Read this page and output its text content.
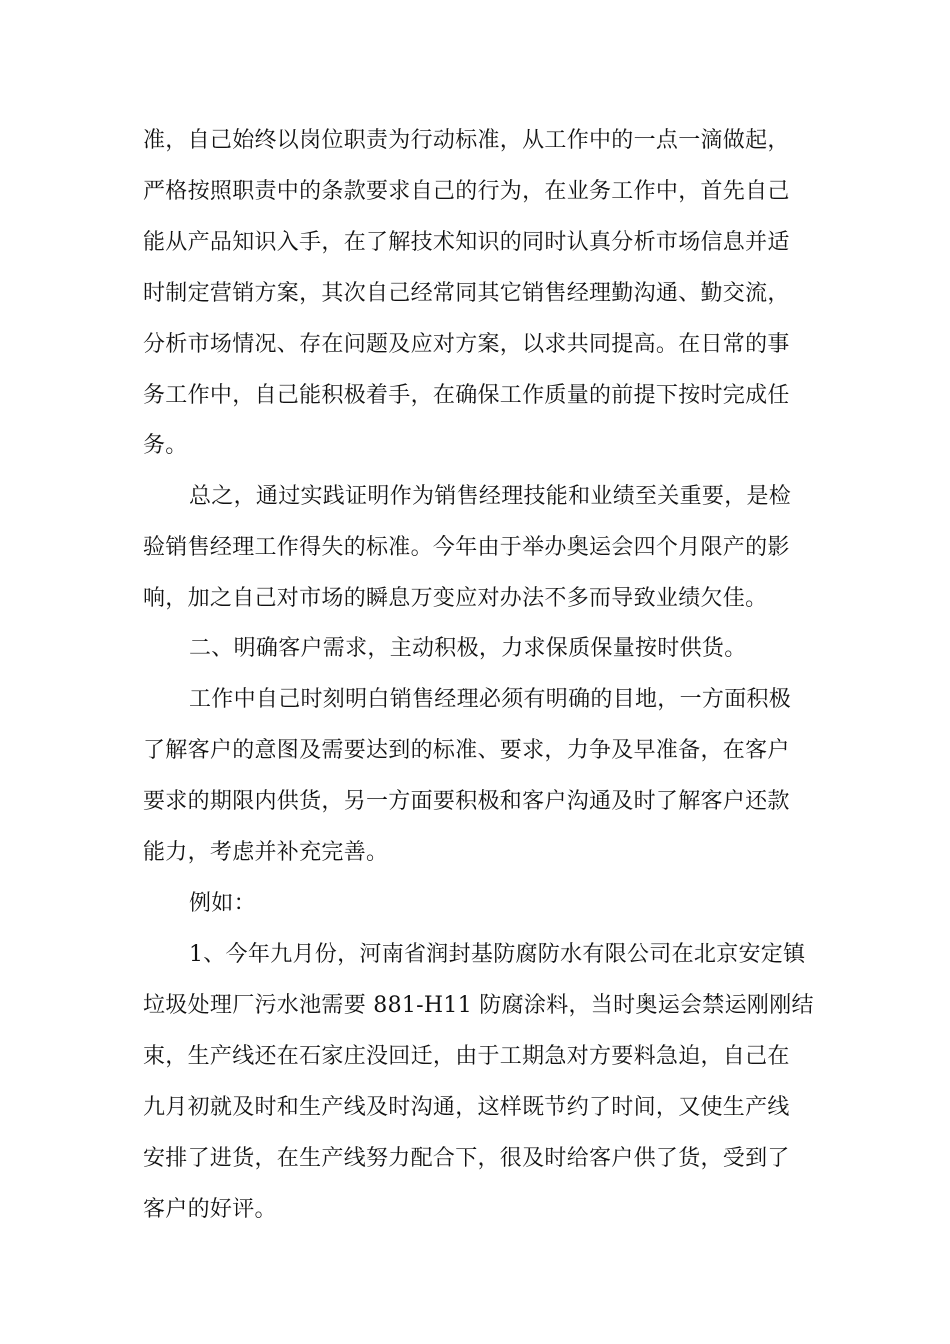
准，自己始终以岗位职责为行动标准，从工作中的一点一滴做起，
严格按照职责中的条款要求自己的行为，在业务工作中，首先自己
能从产品知识入手，在了解技术知识的同时认真分析市场信息并适
时制定营销方案，其次自己经常同其它销售经理勤沟通、勤交流，
分析市场情况、存在问题及应对方案，以求共同提高。在日常的事
务工作中，自己能积极着手，在确保工作质量的前提下按时完成任
务。
总之，通过实践证明作为销售经理技能和业绩至关重要，是检
验销售经理工作得失的标准。今年由于举办奥运会四个月限产的影
响，加之自己对市场的瞬息万变应对办法不多而导致业绩欠佳。
二、明确客户需求，主动积极，力求保质保量按时供货。
工作中自己时刻明白销售经理必须有明确的目地，一方面积极
了解客户的意图及需要达到的标准、要求，力争及早准备，在客户
要求的期限内供货，另一方面要积极和客户沟通及时了解客户还款
能力，考虑并补充完善。
例如：
1、今年九月份，河南省润封基防腐防水有限公司在北京安定镇
垃圾处理厂污水池需要 881-H11 防腐涂料，当时奥运会禁运刚刚结
束，生产线还在石家庄没回迁，由于工期急对方要料急迫，自己在
九月初就及时和生产线及时沟通，这样既节约了时间，又使生产线
安排了进货，在生产线努力配合下，很及时给客户供了货，受到了
客户的好评。
